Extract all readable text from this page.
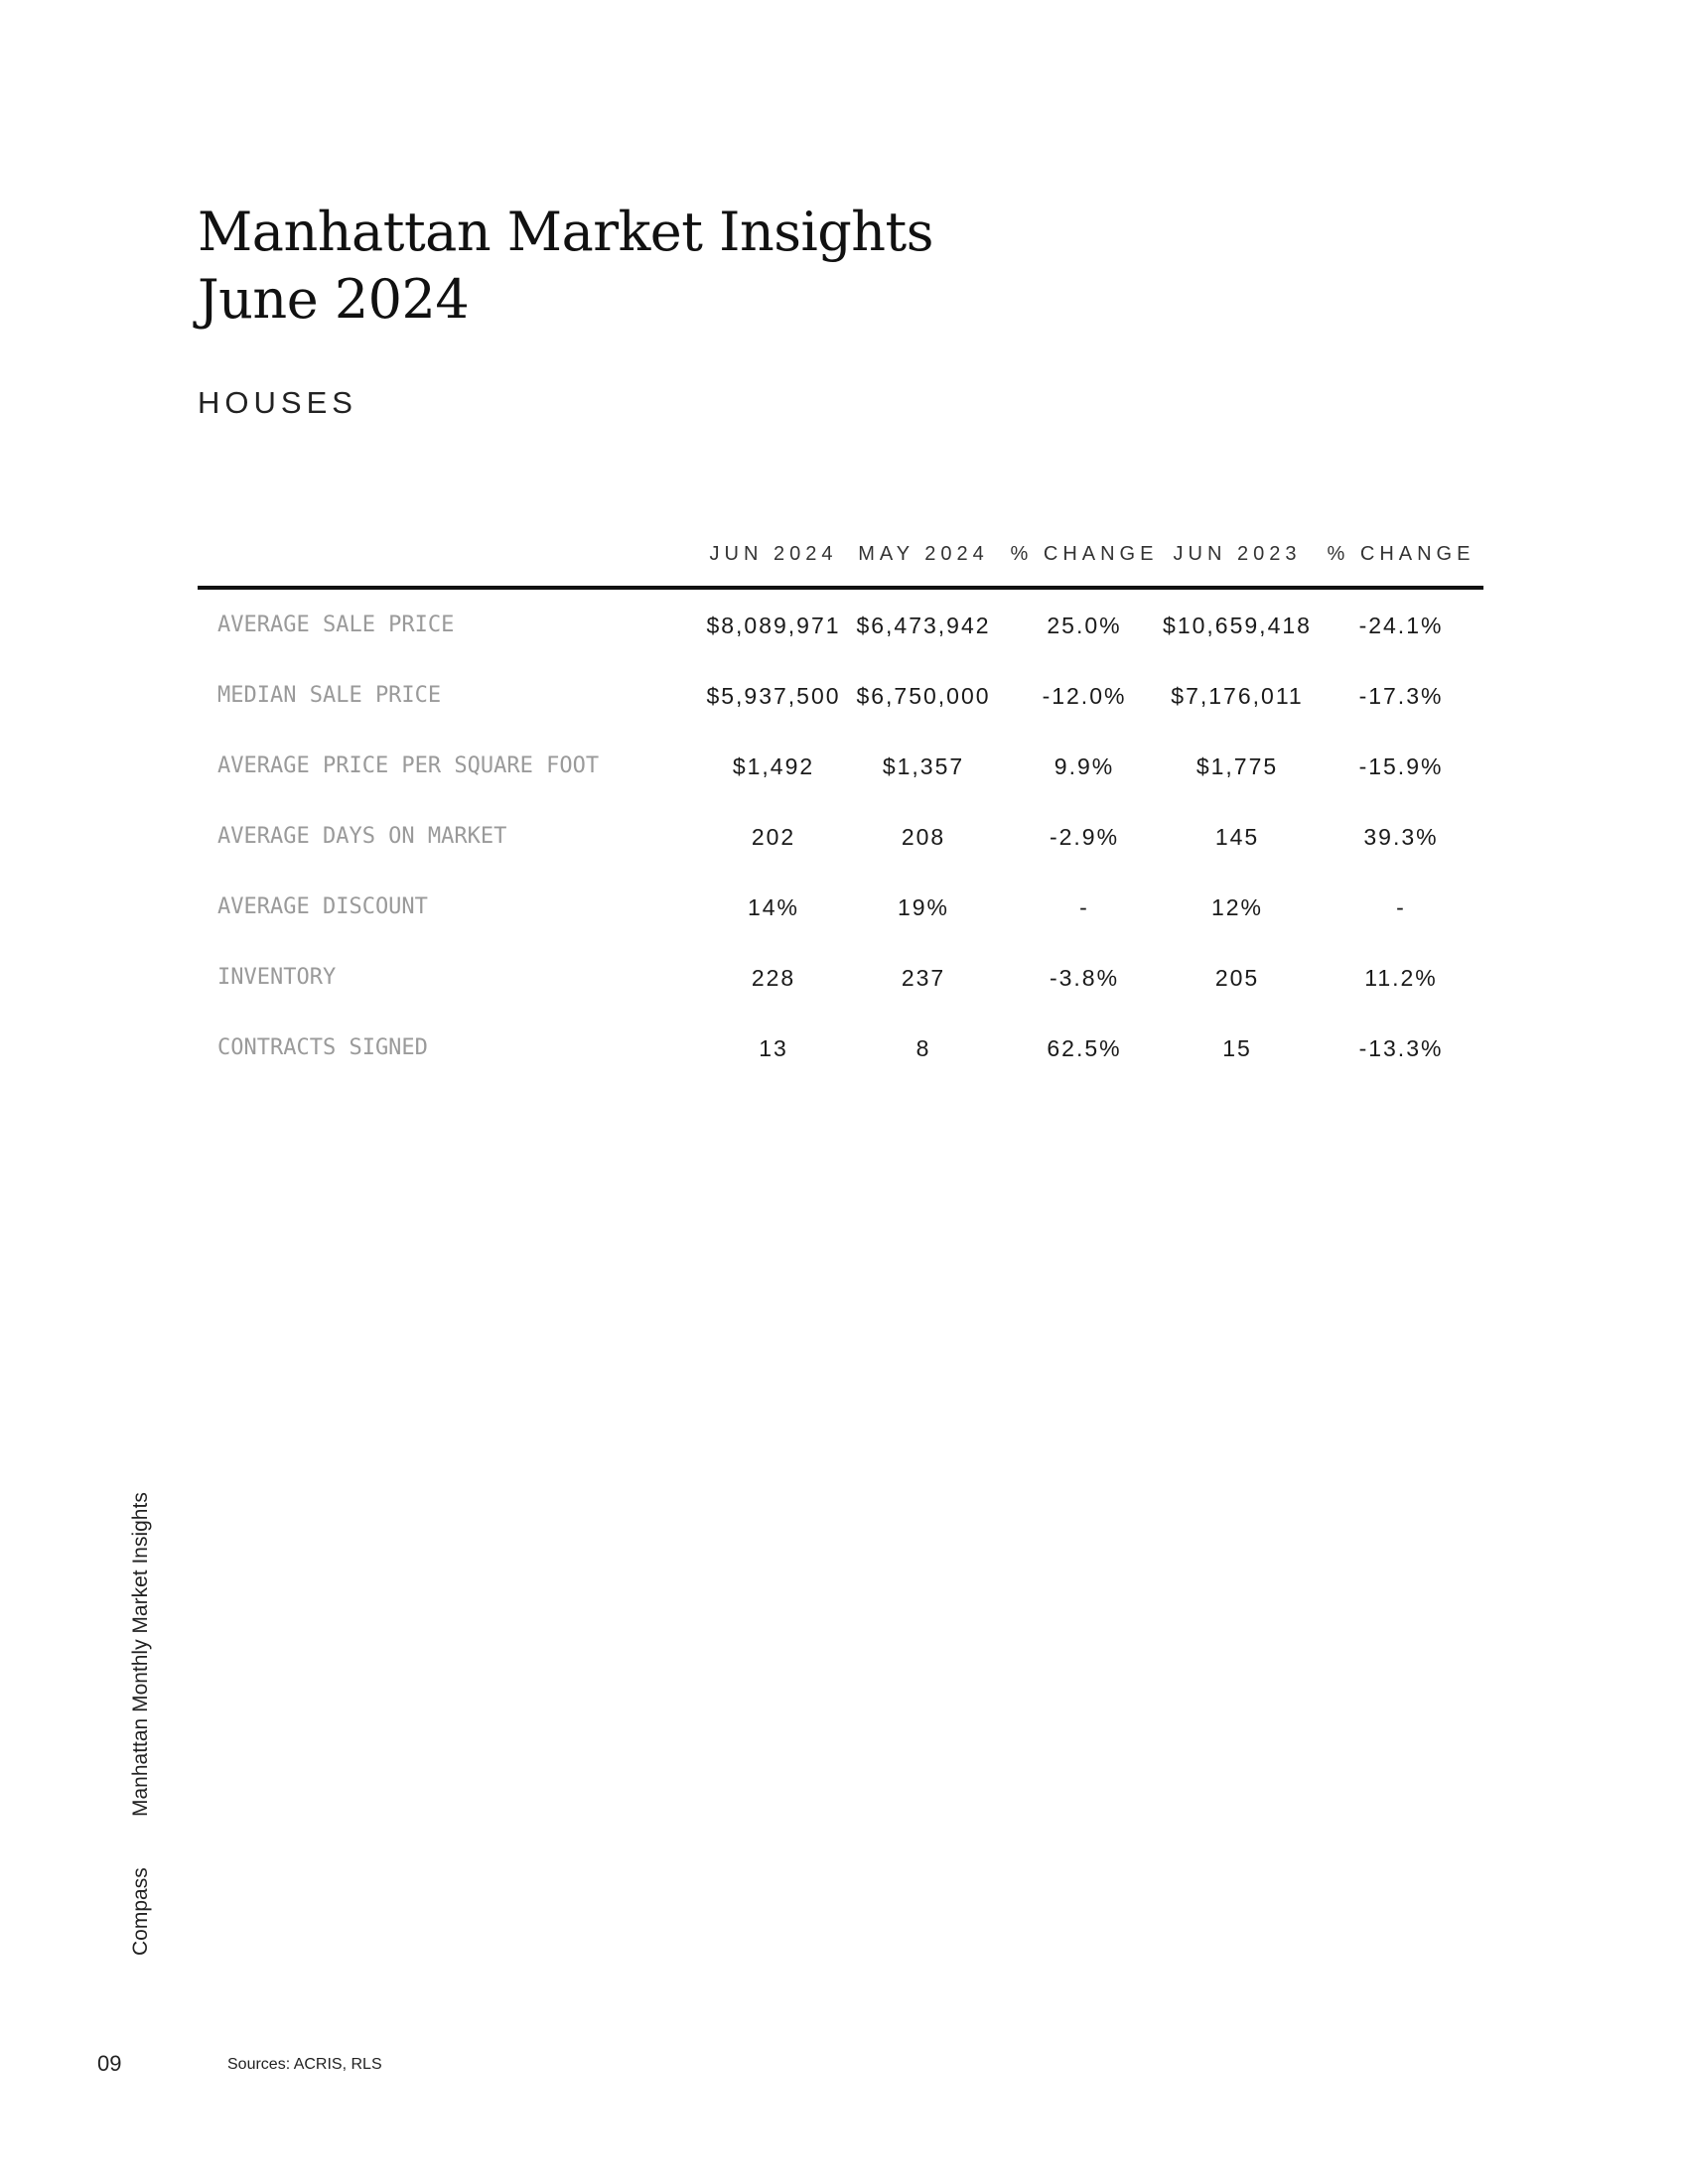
Manhattan Market Insights
June 2024
HOUSES
JUN 2024	MAY 2024	% CHANGE JUN 2023	% CHANGE
AVERAGE SALE PRICE	$8,089,971 $6,473,942	25.0%	$10,659,418	-24.1%
MEDIAN SALE PRICE	$5,937,500 $6,750,000	-12.0%	$7,176,011	-17.3%
AVERAGE PRICE PER SQUARE FOOT	$1,492	$1,357	9.9%	$1,775	-15.9%
AVERAGE DAYS ON MARKET	202	208	-2.9%	145	39.3%
AVERAGE DISCOUNT	14%	19%	-	12%	-
INVENTORY	228	237	-3.8%	205	11.2%
CONTRACTS SIGNED	13	8	62.5%	15	-13.3%
Compass
Manhattan Monthly Market Insights
09	Sources: ACRIS, RLS
